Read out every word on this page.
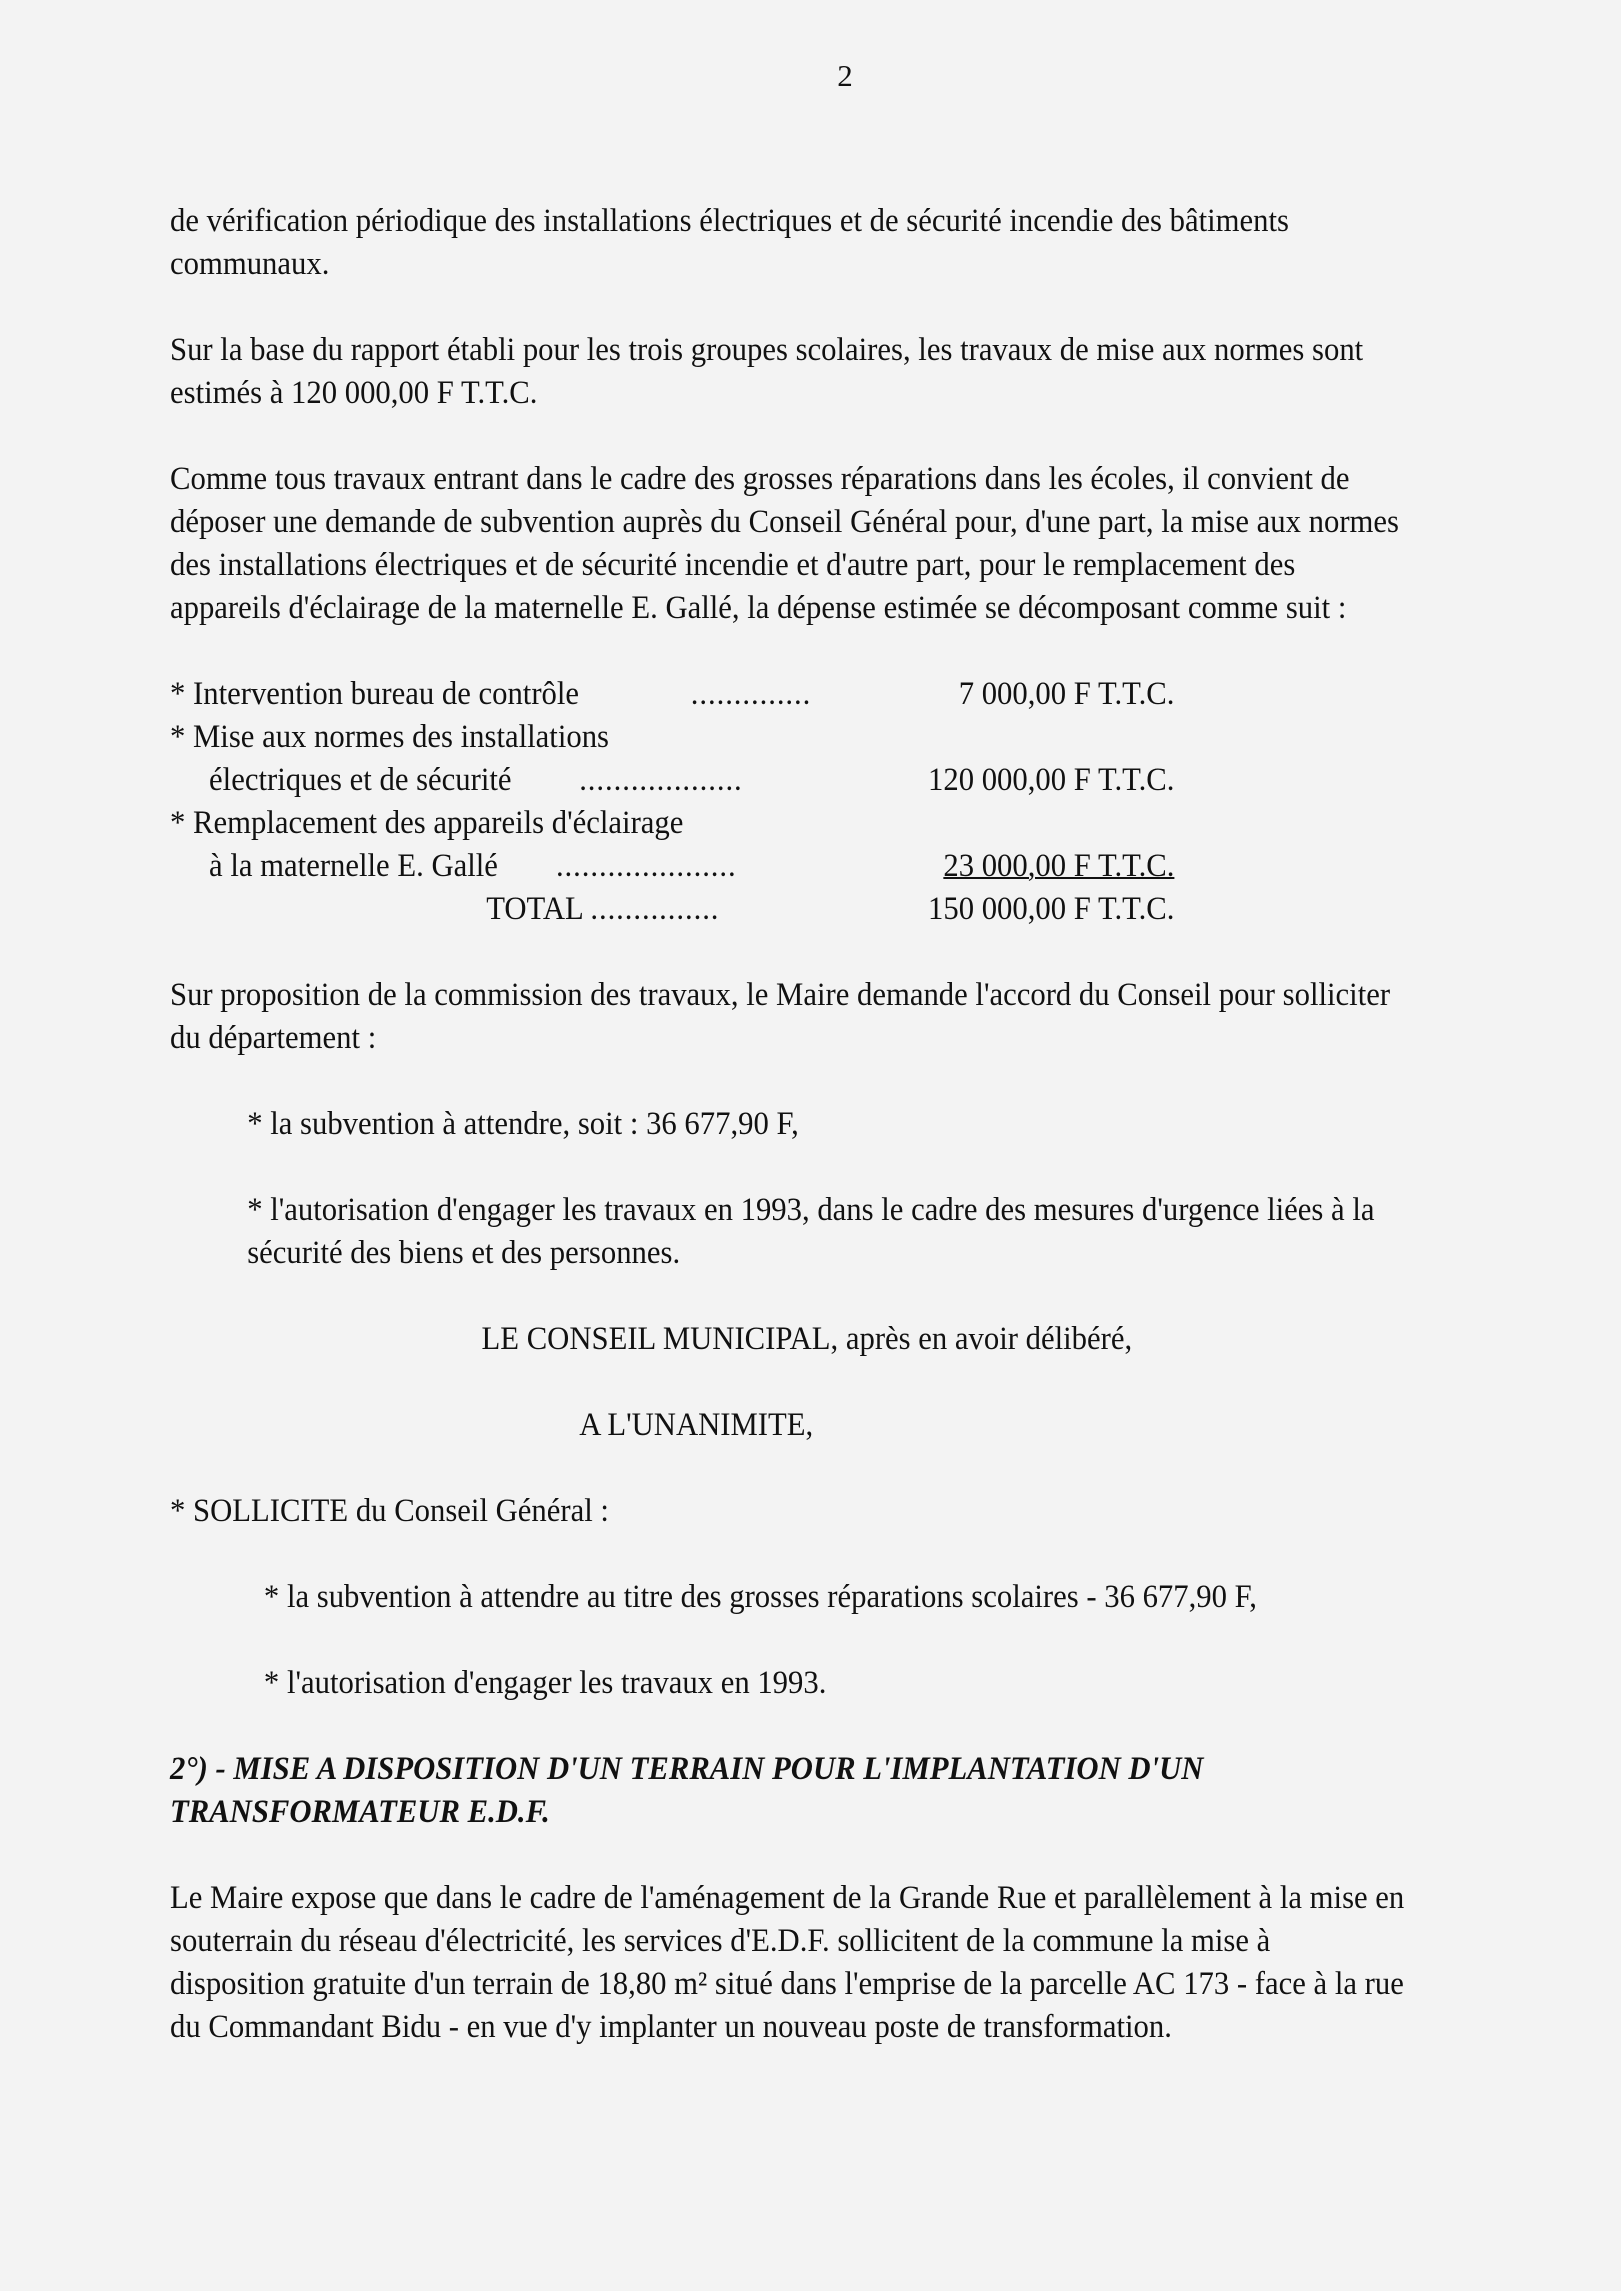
2

de vérification périodique des installations électriques et de sécurité incendie des bâtiments communaux.

Sur la base du rapport établi pour les trois groupes scolaires, les travaux de mise aux normes sont estimés à 120 000,00 F T.T.C.

Comme tous travaux entrant dans le cadre des grosses réparations dans les écoles, il convient de déposer une demande de subvention auprès du Conseil Général pour, d'une part, la mise aux normes des installations électriques et de sécurité incendie et d'autre part, pour le remplacement des appareils d'éclairage de la maternelle E. Gallé, la dépense estimée se décomposant comme suit :

* Intervention bureau de contrôle	..............	7 000,00 F T.T.C.
* Mise aux normes des installations
électriques et de sécurité ...................	120 000,00 F T.T.C.
* Remplacement des appareils d'éclairage
à la maternelle E. Gallé .....................	23 000,00 F T.T.C.
TOTAL ...............	150 000,00 F T.T.C.

Sur proposition de la commission des travaux, le Maire demande l'accord du Conseil pour solliciter du département :

* la subvention à attendre, soit : 36 677,90 F,

* l'autorisation d'engager les travaux en 1993, dans le cadre des mesures d'urgence liées à la sécurité des biens et des personnes.

LE CONSEIL MUNICIPAL, après en avoir délibéré,

A L'UNANIMITE,

* SOLLICITE du Conseil Général :

* la subvention à attendre au titre des grosses réparations scolaires - 36 677,90 F,

* l'autorisation d'engager les travaux en 1993.

2°) - MISE A DISPOSITION D'UN TERRAIN POUR L'IMPLANTATION D'UN TRANSFORMATEUR E.D.F.

Le Maire expose que dans le cadre de l'aménagement de la Grande Rue et parallèlement à la mise en souterrain du réseau d'électricité, les services d'E.D.F. sollicitent de la commune la mise à disposition gratuite d'un terrain de 18,80 m² situé dans l'emprise de la parcelle AC 173 - face à la rue du Commandant Bidu - en vue d'y implanter un nouveau poste de transformation.
